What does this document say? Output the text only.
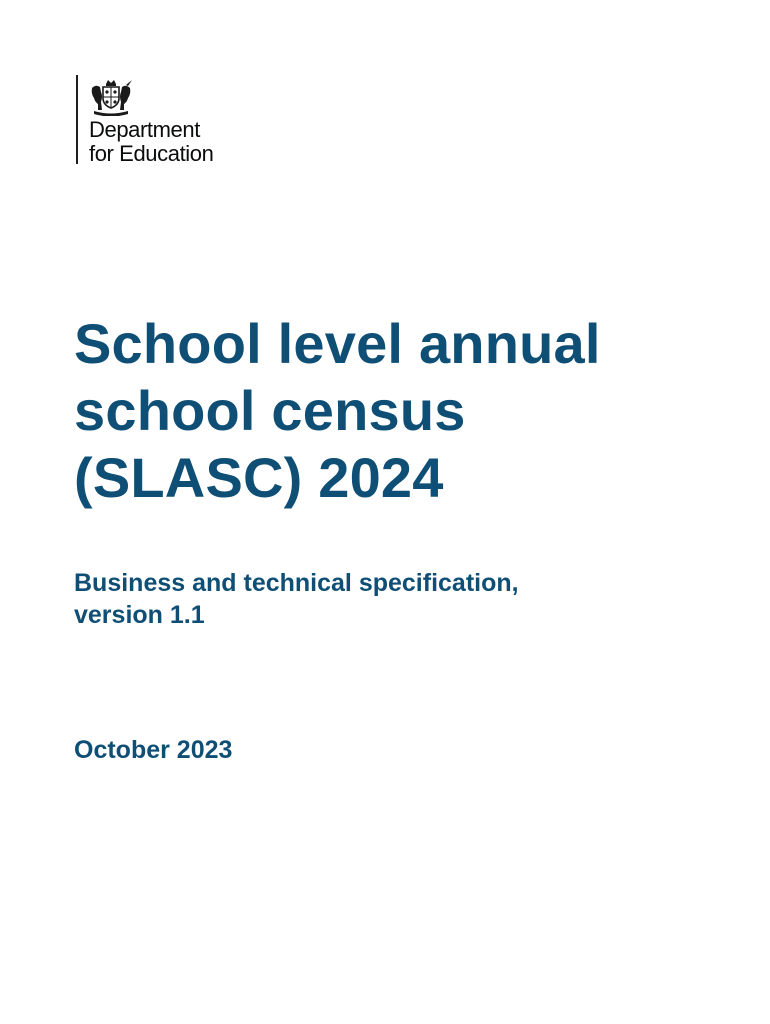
Department
for Education
School level annual
school census
(SLASC) 2024
Business and technical specification,
version 1.1

October 2023
